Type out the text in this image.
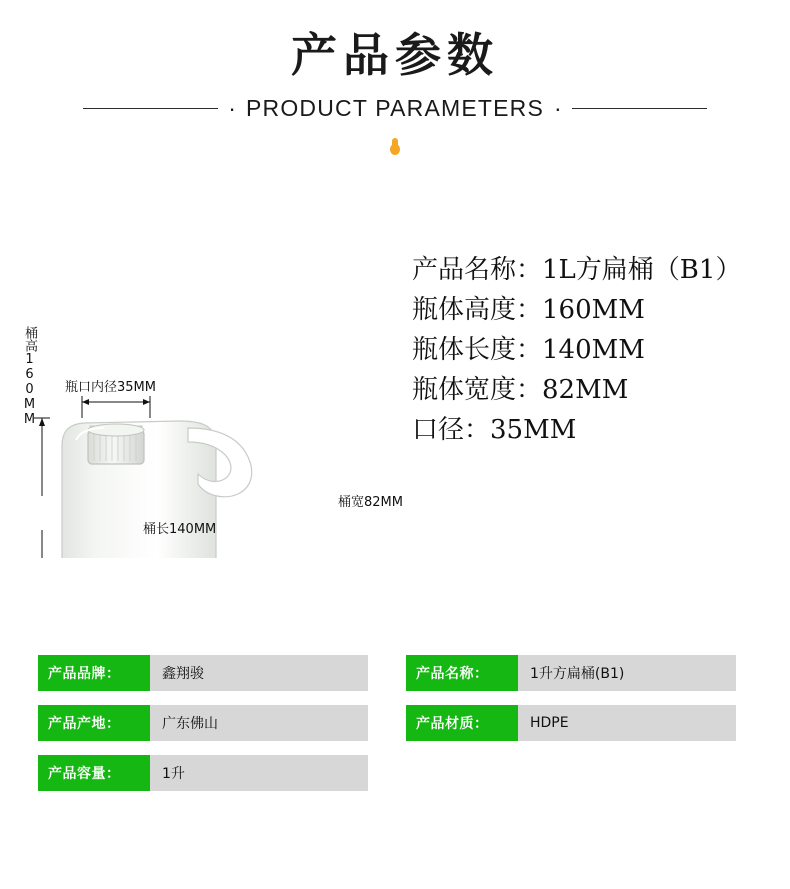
产品参数
· PRODUCT PARAMETERS ·
瓶口内径35MM
桶高160MM
桶长140MM
桶宽82MM
产品名称：1L方扁桶（B1）
瓶体高度：160MM
瓶体长度：140MM
瓶体宽度：82MM
口径：35MM
产品品牌：	鑫翔骏
产品产地：	广东佛山
产品容量：	1升
产品名称：	1升方扁桶(B1)
产品材质：	HDPE
